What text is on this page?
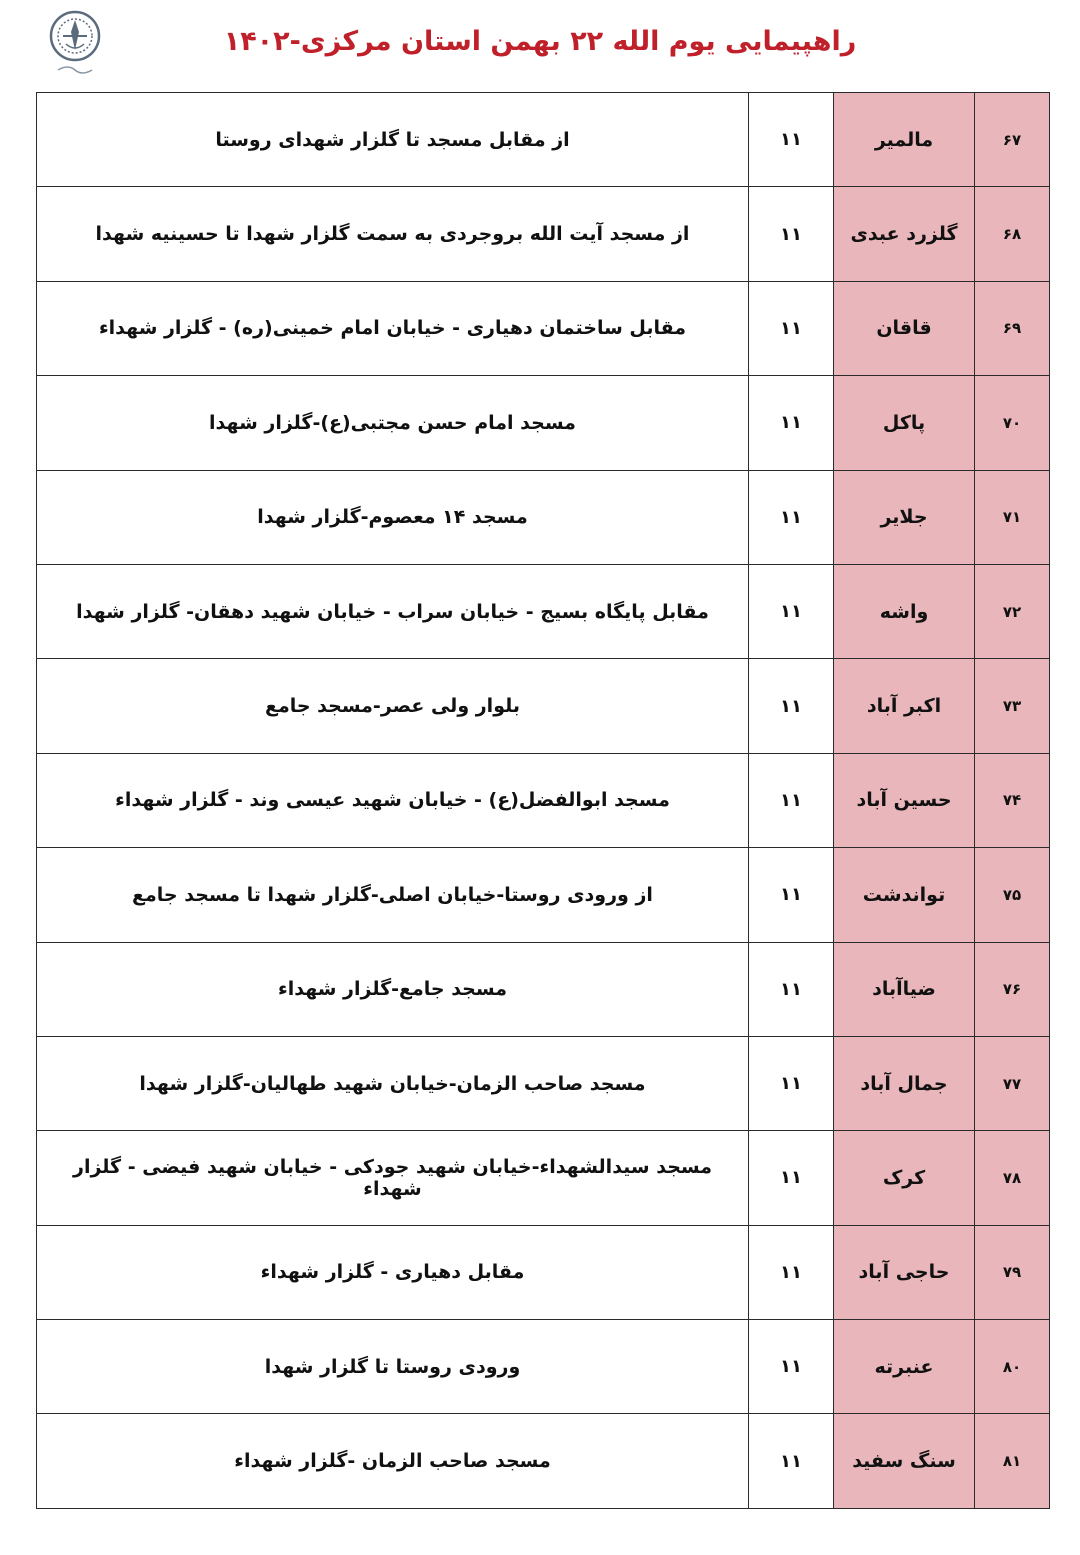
راهپیمایی یوم الله ۲۲ بهمن استان مرکزی-۱۴۰۲
۶۷	مالمیر	۱۱	از مقابل مسجد تا گلزار شهدای روستا
۶۸	گلزرد عبدی	۱۱	از مسجد آیت الله بروجردی به سمت گلزار شهدا تا حسینیه شهدا
۶۹	قاقان	۱۱	مقابل ساختمان دهیاری - خیابان امام خمینی(ره) - گلزار شهداء
۷۰	پاکل	۱۱	مسجد امام حسن مجتبی(ع)-گلزار شهدا
۷۱	جلایر	۱۱	مسجد ۱۴ معصوم-گلزار شهدا
۷۲	واشه	۱۱	مقابل پایگاه بسیج - خیابان سراب - خیابان شهید دهقان- گلزار شهدا
۷۳	اکبر آباد	۱۱	بلوار ولی عصر-مسجد جامع
۷۴	حسین آباد	۱۱	مسجد ابوالفضل(ع) - خیابان شهید عیسی وند - گلزار شهداء
۷۵	تواندشت	۱۱	از ورودی روستا-خیابان اصلی-گلزار شهدا تا مسجد جامع
۷۶	ضیاآباد	۱۱	مسجد جامع-گلزار شهداء
۷۷	جمال آباد	۱۱	مسجد صاحب الزمان-خیابان شهید طهالیان-گلزار شهدا
۷۸	کرک	۱۱	مسجد سیدالشهداء-خیابان شهید جودکی - خیابان شهید فیضی - گلزار شهداء
۷۹	حاجی آباد	۱۱	مقابل دهیاری - گلزار شهداء
۸۰	عنبرته	۱۱	ورودی روستا تا گلزار شهدا
۸۱	سنگ سفید	۱۱	مسجد صاحب الزمان -گلزار شهداء
